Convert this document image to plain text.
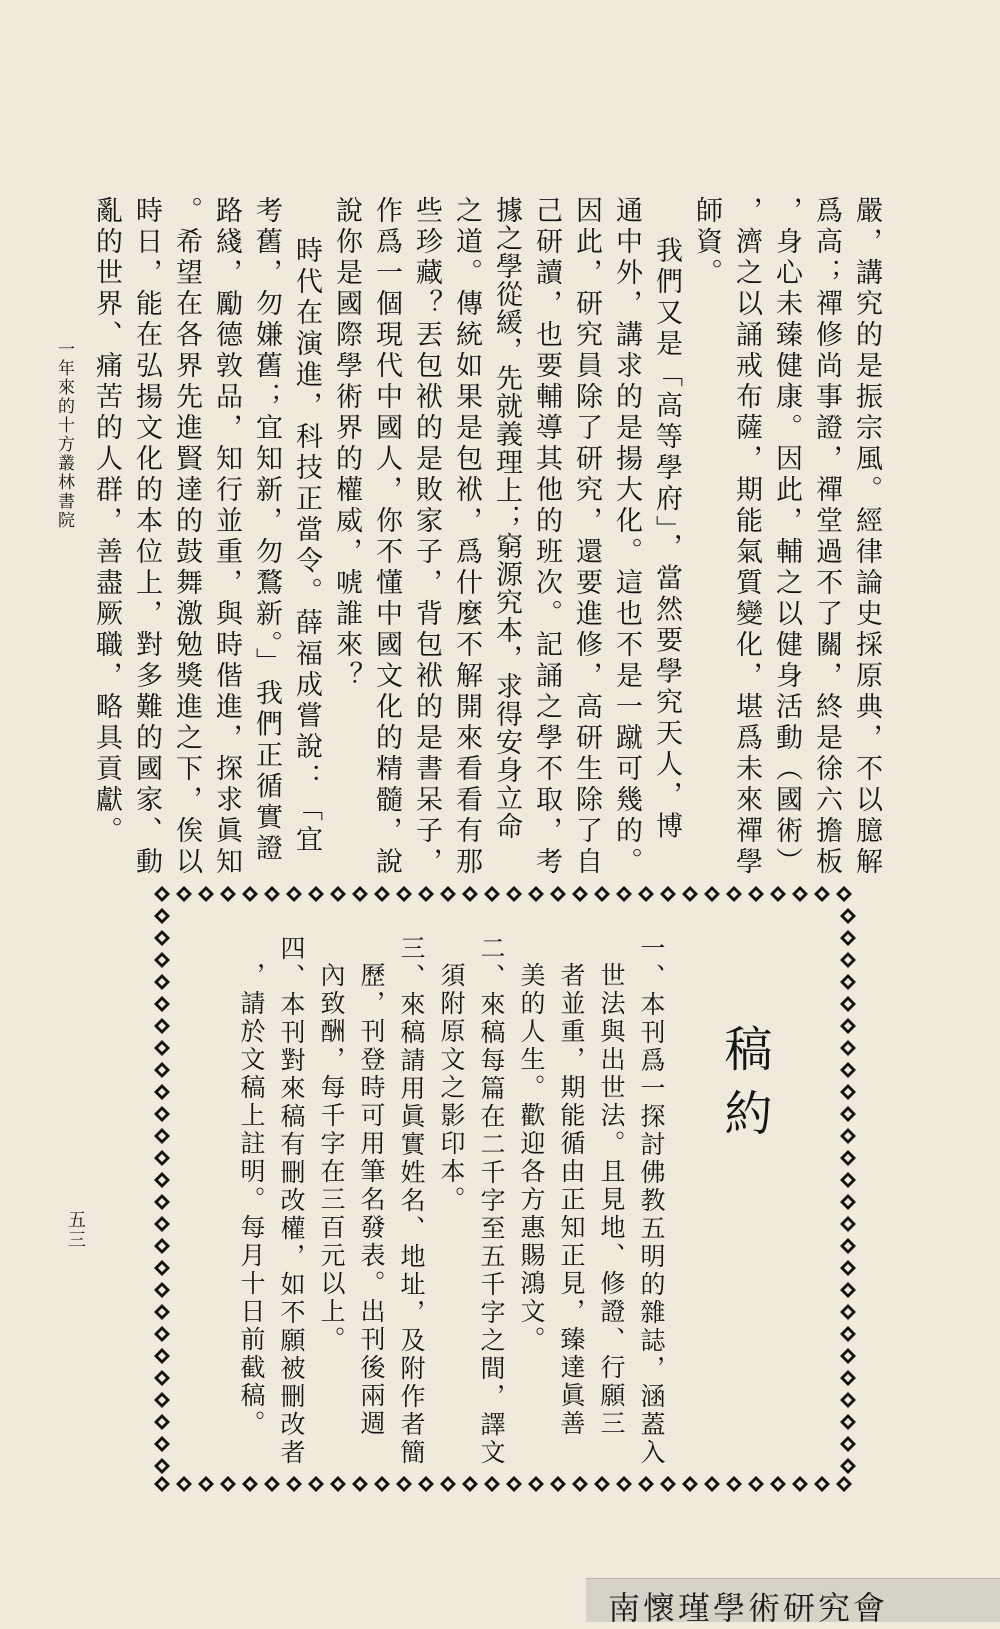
一年來的十方叢林書院
五三
嚴，講究的是振宗風。經律論史採原典，不以臆解
爲高；禪修尚事證，禪堂過不了關，終是徐六擔板
，身心未臻健康。因此，輔之以健身活動（國術）
，濟之以誦戒布薩，期能氣質變化，堪爲未來禪學
師資。
我們又是「高等學府」，當然要學究天人，博
通中外，講求的是揚大化。這也不是一蹴可幾的。
因此，研究員除了研究，還要進修，高研生除了自
己研讀，也要輔導其他的班次。記誦之學不取，考
據之學從緩，先就義理上；窮源究本，求得安身立命
之道。傳統如果是包袱，爲什麼不解開來看看有那
些珍藏？丟包袱的是敗家子，背包袱的是書呆子，
作爲一個現代中國人，你不懂中國文化的精髓，說
說你是國際學術界的權威，唬誰來？
時代在演進，科技正當令。薛福成嘗說：「宜
考舊，勿嫌舊；宜知新，勿鶩新。」我們正循實證
路綫，勵德敦品，知行並重，與時偕進，探求眞知
。希望在各界先進賢達的鼓舞激勉獎進之下，俟以
時日，能在弘揚文化的本位上，對多難的國家、動
亂的世界、痛苦的人群，善盡厥職，略具貢獻。
稿約
一、本刊爲一探討佛教五明的雜誌，涵蓋入
世法與出世法。且見地、修證、行願三
者並重，期能循由正知正見，臻達眞善
美的人生。歡迎各方惠賜鴻文。
二、來稿每篇在二千字至五千字之間，譯文
須附原文之影印本。
三、來稿請用眞實姓名、地址，及附作者簡
歷，刊登時可用筆名發表。出刊後兩週
內致酬，每千字在三百元以上。
四、本刊對來稿有刪改權，如不願被刪改者
，請於文稿上註明。每月十日前截稿。
南懷瑾學術研究會
